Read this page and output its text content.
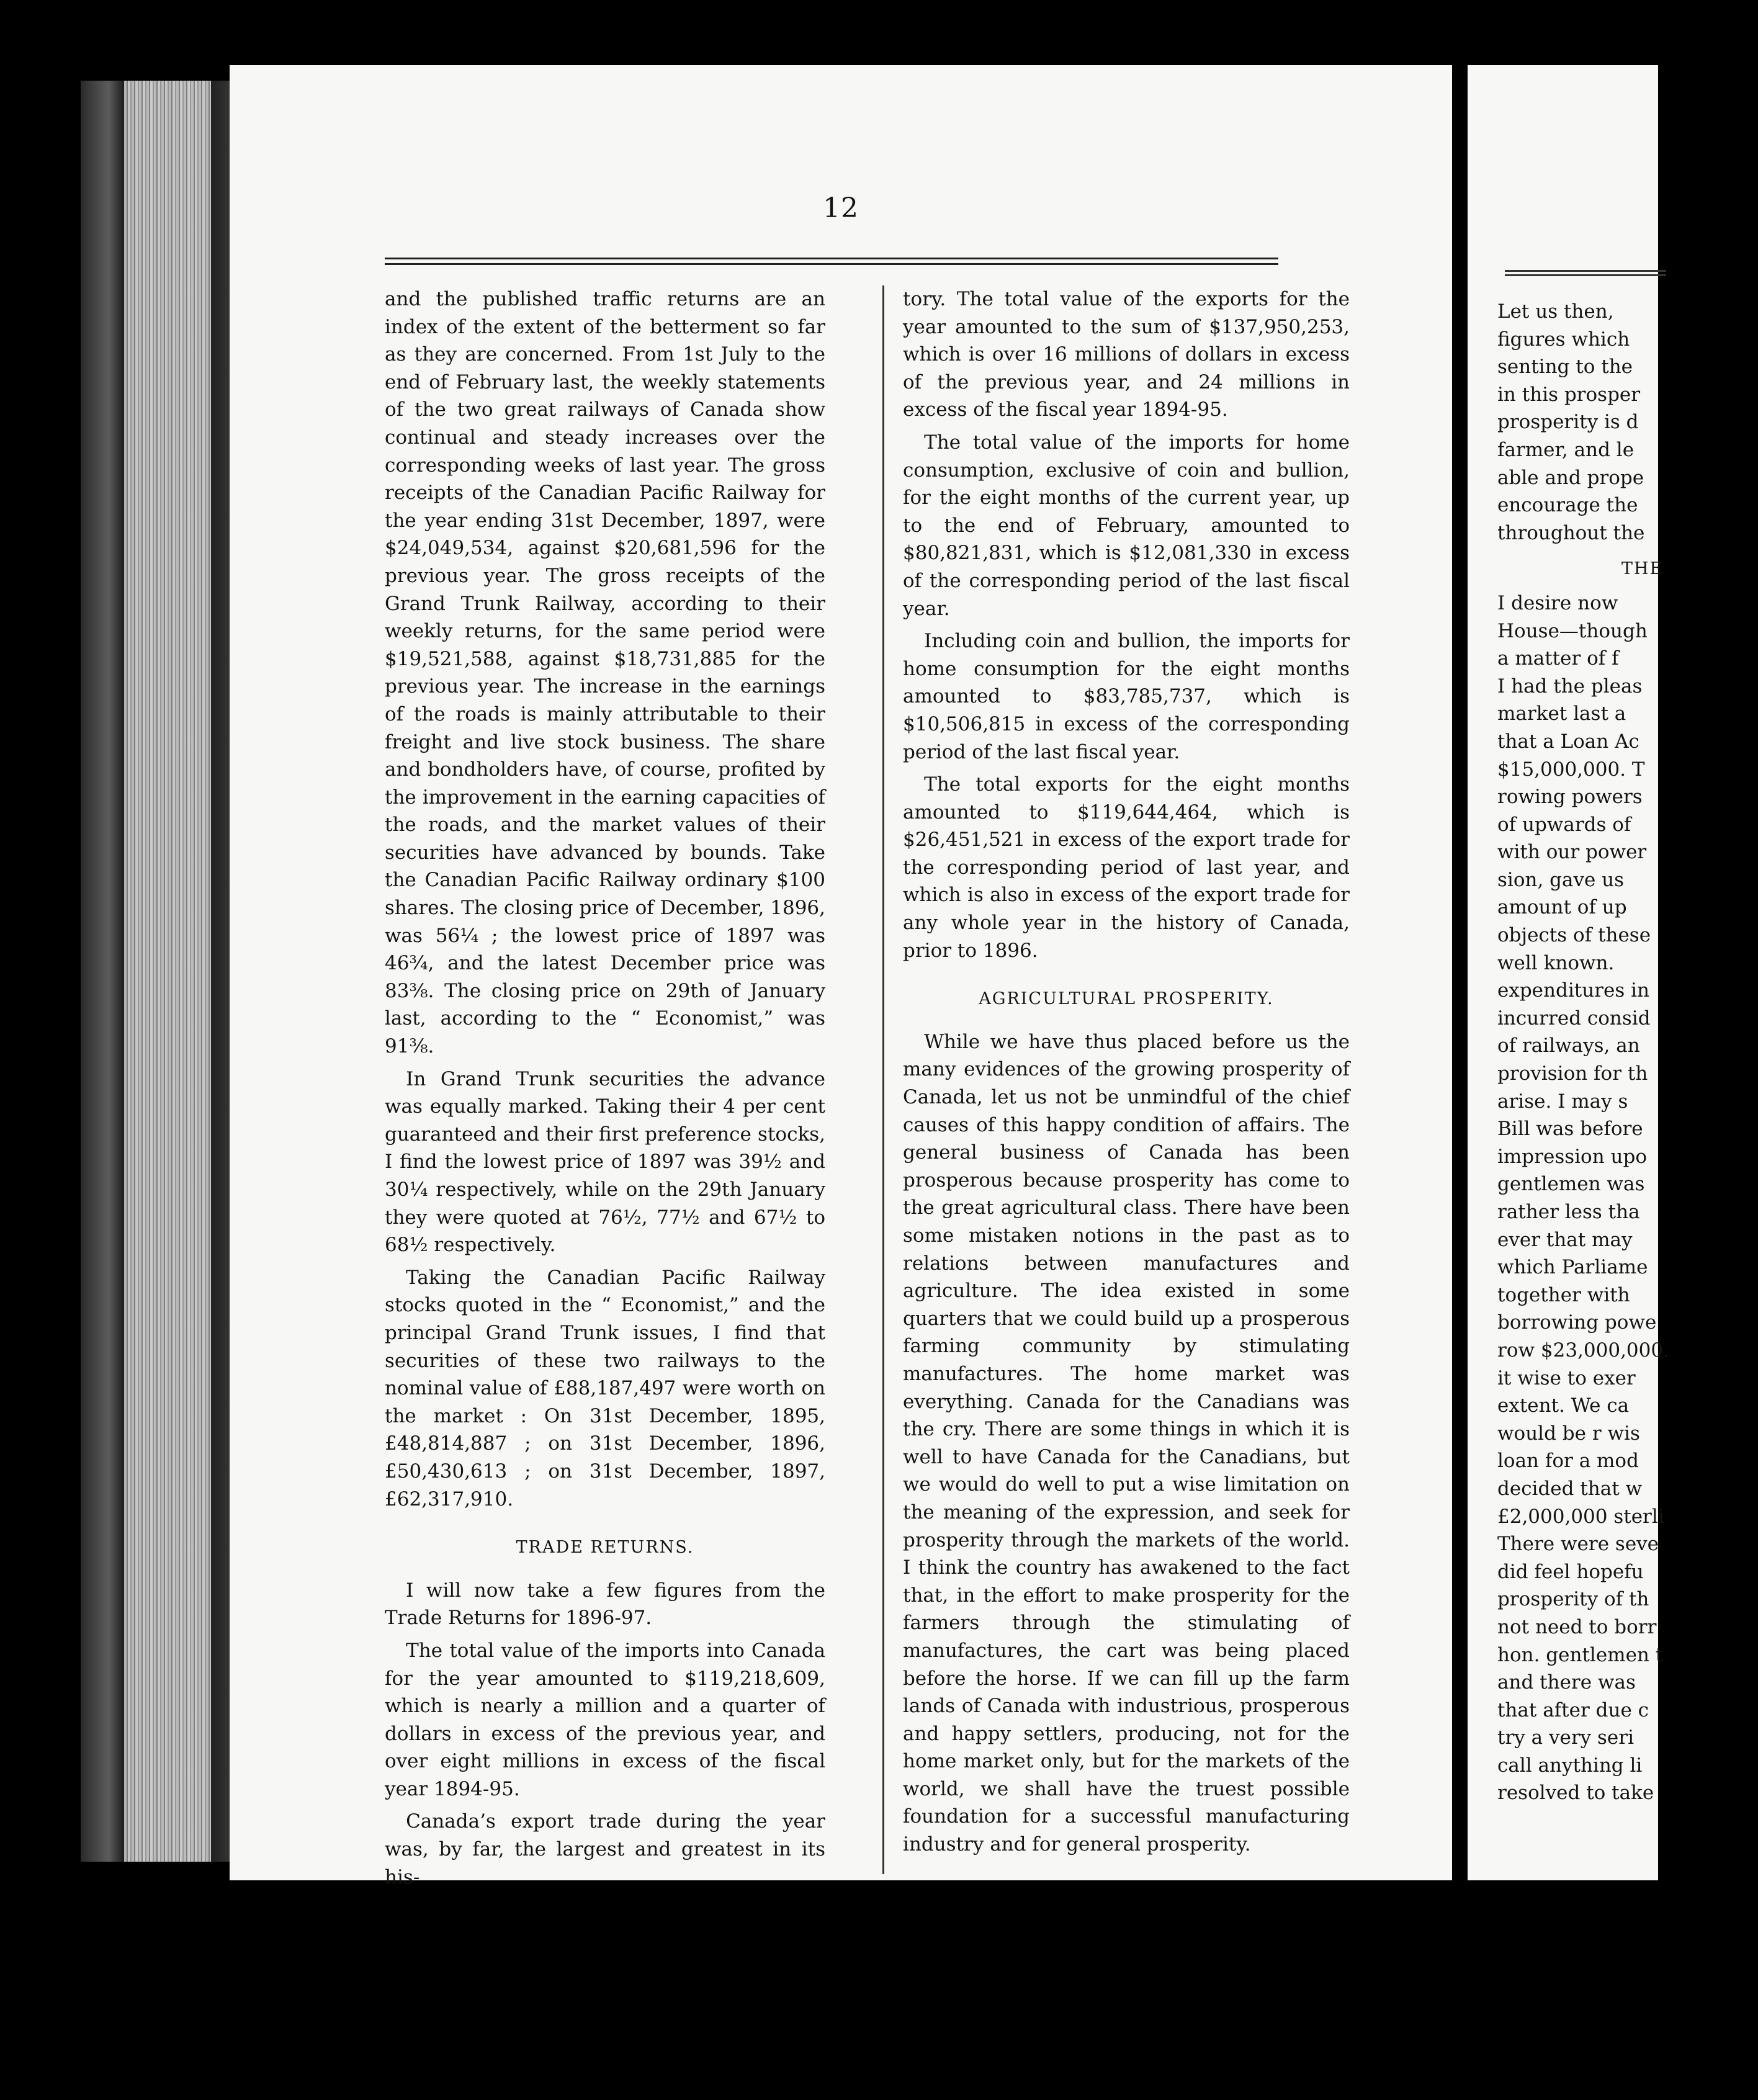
12

and the published traffic returns are an index of the extent of the betterment so far as they are concerned. From 1st July to the end of February last, the weekly statements of the two great railways of Canada show continual and steady increases over the corresponding weeks of last year. The gross receipts of the Canadian Pacific Railway for the year ending 31st December, 1897, were $24,049,534, against $20,681,596 for the previous year. The gross receipts of the Grand Trunk Railway, according to their weekly returns, for the same period were $19,521,588, against $18,731,885 for the previous year. The increase in the earnings of the roads is mainly attributable to their freight and live stock business. The share and bondholders have, of course, profited by the improvement in the earning capacities of the roads, and the market values of their securities have advanced by bounds. Take the Canadian Pacific Railway ordinary $100 shares. The closing price of December, 1896, was 56¼ ; the lowest price of 1897 was 46¾, and the latest December price was 83⅜. The closing price on 29th of January last, according to the “ Economist,” was 91⅜.

In Grand Trunk securities the advance was equally marked. Taking their 4 per cent guaranteed and their first preference stocks, I find the lowest price of 1897 was 39½ and 30¼ respectively, while on the 29th January they were quoted at 76½, 77½ and 67½ to 68½ respectively.

Taking the Canadian Pacific Railway stocks quoted in the “ Economist,” and the principal Grand Trunk issues, I find that securities of these two railways to the nominal value of £88,187,497 were worth on the market : On 31st December, 1895, £48,814,887 ; on 31st December, 1896, £50,430,613 ; on 31st December, 1897, £62,317,910.

TRADE RETURNS.

I will now take a few figures from the Trade Returns for 1896-97.

The total value of the imports into Canada for the year amounted to $119,218,609, which is nearly a million and a quarter of dollars in excess of the previous year, and over eight millions in excess of the fiscal year 1894-95.

Canada’s export trade during the year was, by far, the largest and greatest in its his-

tory. The total value of the exports for the year amounted to the sum of $137,950,253, which is over 16 millions of dollars in excess of the previous year, and 24 millions in excess of the fiscal year 1894-95.

The total value of the imports for home consumption, exclusive of coin and bullion, for the eight months of the current year, up to the end of February, amounted to $80,821,831, which is $12,081,330 in excess of the corresponding period of the last fiscal year.

Including coin and bullion, the imports for home consumption for the eight months amounted to $83,785,737, which is $10,506,815 in excess of the corresponding period of the last fiscal year.

The total exports for the eight months amounted to $119,644,464, which is $26,451,521 in excess of the export trade for the corresponding period of last year, and which is also in excess of the export trade for any whole year in the history of Canada, prior to 1896.

AGRICULTURAL PROSPERITY.

While we have thus placed before us the many evidences of the growing prosperity of Canada, let us not be unmindful of the chief causes of this happy condition of affairs. The general business of Canada has been prosperous because prosperity has come to the great agricultural class. There have been some mistaken notions in the past as to relations between manufactures and agriculture. The idea existed in some quarters that we could build up a prosperous farming community by stimulating manufactures. The home market was everything. Canada for the Canadians was the cry. There are some things in which it is well to have Canada for the Canadians, but we would do well to put a wise limitation on the meaning of the expression, and seek for prosperity through the markets of the world. I think the country has awakened to the fact that, in the effort to make prosperity for the farmers through the stimulating of manufactures, the cart was being placed before the horse. If we can fill up the farm lands of Canada with industrious, prosperous and happy settlers, producing, not for the home market only, but for the markets of the world, we shall have the truest possible foundation for a successful manufacturing industry and for general prosperity.

Let us then,
figures which
senting to the
in this prosper
prosperity is d
farmer, and le
able and prope
encourage the
throughout the
THE
I desire now
House—though
a matter of f
I had the pleas
market last a
that a Loan Ac
$15,000,000. T
rowing powers
of upwards of
with our power
sion, gave us
amount of up
objects of these
well known.
expenditures in
incurred consid
of railways, an
provision for th
arise. I may s
Bill was before
impression upo
gentlemen was
rather less tha
ever that may
which Parliame
together with
borrowing powe
row $23,000,000.
it wise to exer
extent. We ca
would be r wis
loan for a mod
decided that w
£2,000,000 sterli
There were seve
did feel hopefu
prosperity of th
not need to borr
hon. gentlemen t
and there was
that after due c
try a very seri
call anything li
resolved to take
